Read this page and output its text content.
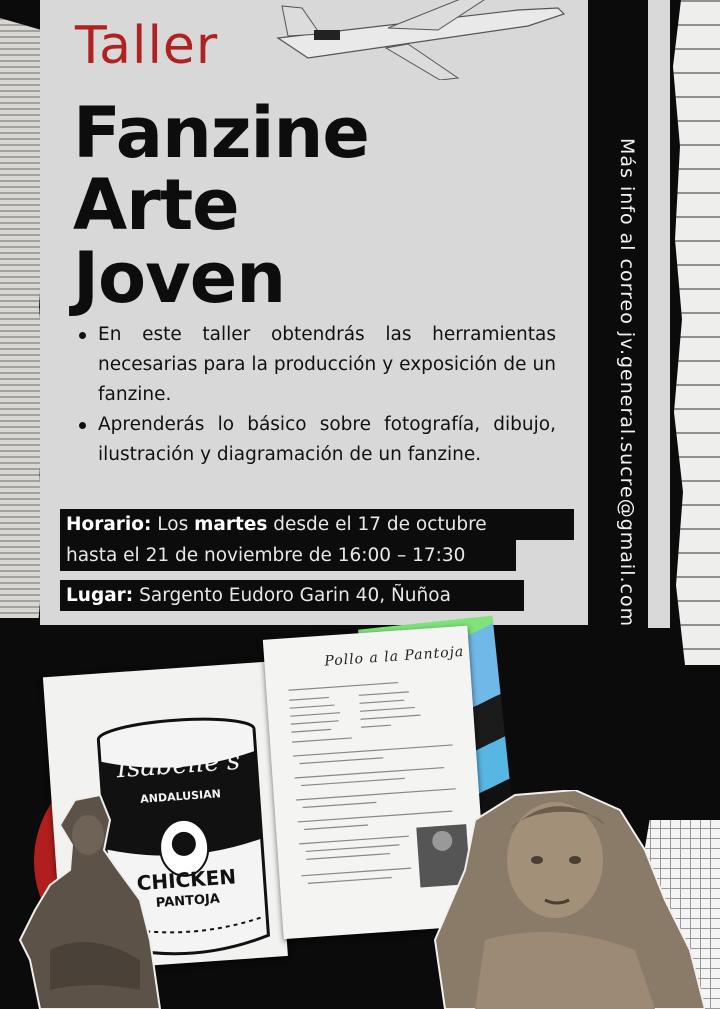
Taller
Fanzine
Arte
Joven
En este taller obtendrás las herramientas necesarias para la producción y exposición de un fanzine.
Aprenderás lo básico sobre fotografía, dibujo, ilustración y diagramación de un fanzine.
Horario: Los martes desde el 17 de octubre
hasta el 21 de noviembre de 16:00 – 17:30
Lugar: Sargento Eudoro Garin 40, Ñuñoa	Más info al correo jv.general.sucre@gmail.com
Isabelle's
ANDALUSIAN
CHICKEN
PANTOJA
Pollo a la Pantoja
